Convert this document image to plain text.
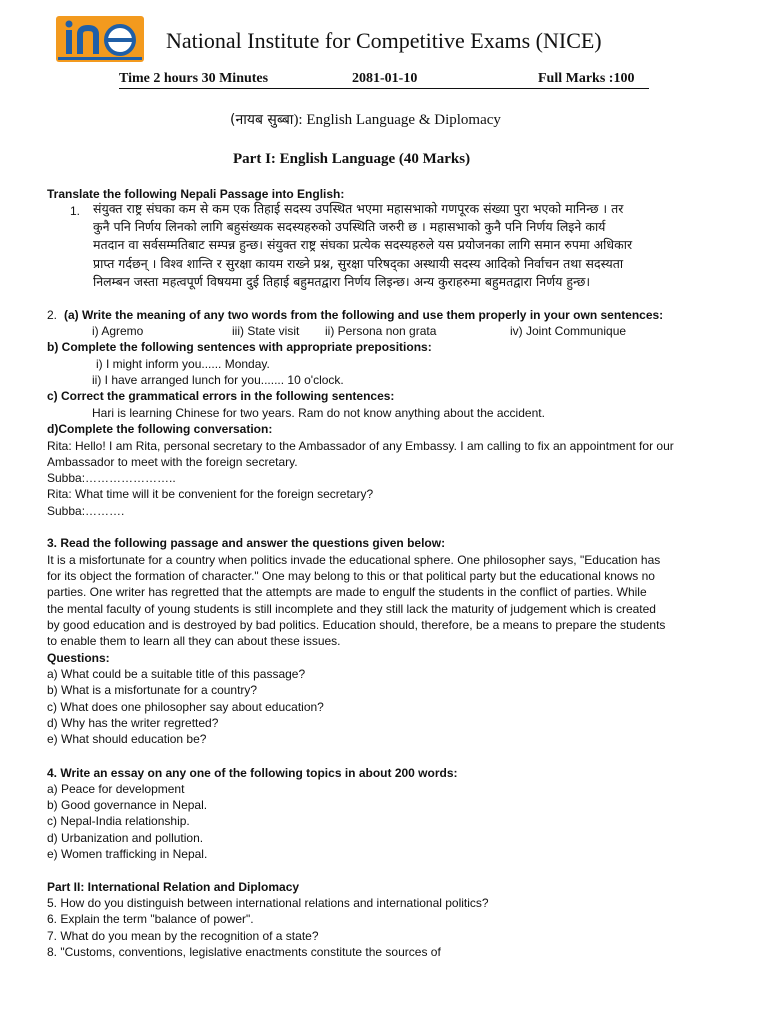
National Institute for Competitive Exams (NICE)
Time 2 hours 30 Minutes	2081-01-10	Full Marks :100
(नायब सुब्बा): English Language & Diplomacy
Part I: English Language (40 Marks)
Translate the following Nepali Passage into English:
1. संयुक्त राष्ट्र संघका कम से कम एक तिहाई सदस्य उपस्थित भएमा महासभाको गणपूरक संख्या पुरा भएको मानिन्छ । तर
कुनै पनि निर्णय लिनको लागि बहुसंख्यक सदस्यहरुको उपस्थिति जरुरी छ । महासभाको कुनै पनि निर्णय लिइने कार्य
मतदान वा सर्वसम्मतिबाट सम्पन्न हुन्छ। संयुक्त राष्ट्र संघका प्रत्येक सदस्यहरुले यस प्रयोजनका लागि समान रुपमा अधिकार
प्राप्त गर्दछन् । विश्व शान्ति र सुरक्षा कायम राख्ने प्रश्न, सुरक्षा परिषद्का अस्थायी सदस्य आदिको निर्वाचन तथा सदस्यता
निलम्बन जस्ता महत्वपूर्ण विषयमा दुई तिहाई बहुमतद्वारा निर्णय लिइन्छ। अन्य कुराहरुमा बहुमतद्वारा निर्णय हुन्छ।
2. (a) Write the meaning of any two words from the following and use them properly in your own sentences:
i) Agremo	iii) State visit ii) Persona non grata	iv) Joint Communique
b) Complete the following sentences with appropriate prepositions:
i) I might inform you...... Monday.
ii) I have arranged lunch for you....... 10 o'clock.
c) Correct the grammatical errors in the following sentences:
Hari is learning Chinese for two years. Ram do not know anything about the accident.
d)Complete the following conversation:
Rita: Hello! I am Rita, personal secretary to the Ambassador of any Embassy. I am calling to fix an appointment for our
Ambassador to meet with the foreign secretary.
Subba:…………………..
Rita: What time will it be convenient for the foreign secretary?
Subba:……….
3. Read the following passage and answer the questions given below:
It is a misfortunate for a country when politics invade the educational sphere. One philosopher says, "Education has
for its object the formation of character." One may belong to this or that political party but the educational knows no
parties. One writer has regretted that the attempts are made to engulf the students in the conflict of parties. While
the mental faculty of young students is still incomplete and they still lack the maturity of judgement which is created
by good education and is destroyed by bad politics. Education should, therefore, be a means to prepare the students
to enable them to learn all they can about these issues.
Questions:
a) What could be a suitable title of this passage?
b) What is a misfortunate for a country?
c) What does one philosopher say about education?
d) Why has the writer regretted?
e) What should education be?
4. Write an essay on any one of the following topics in about 200 words:
a) Peace for development
b) Good governance in Nepal.
c) Nepal-India relationship.
d) Urbanization and pollution.
e) Women trafficking in Nepal.
Part II: International Relation and Diplomacy
5. How do you distinguish between international relations and international politics?
6. Explain the term "balance of power".
7. What do you mean by the recognition of a state?
8. "Customs, conventions, legislative enactments constitute the sources of
